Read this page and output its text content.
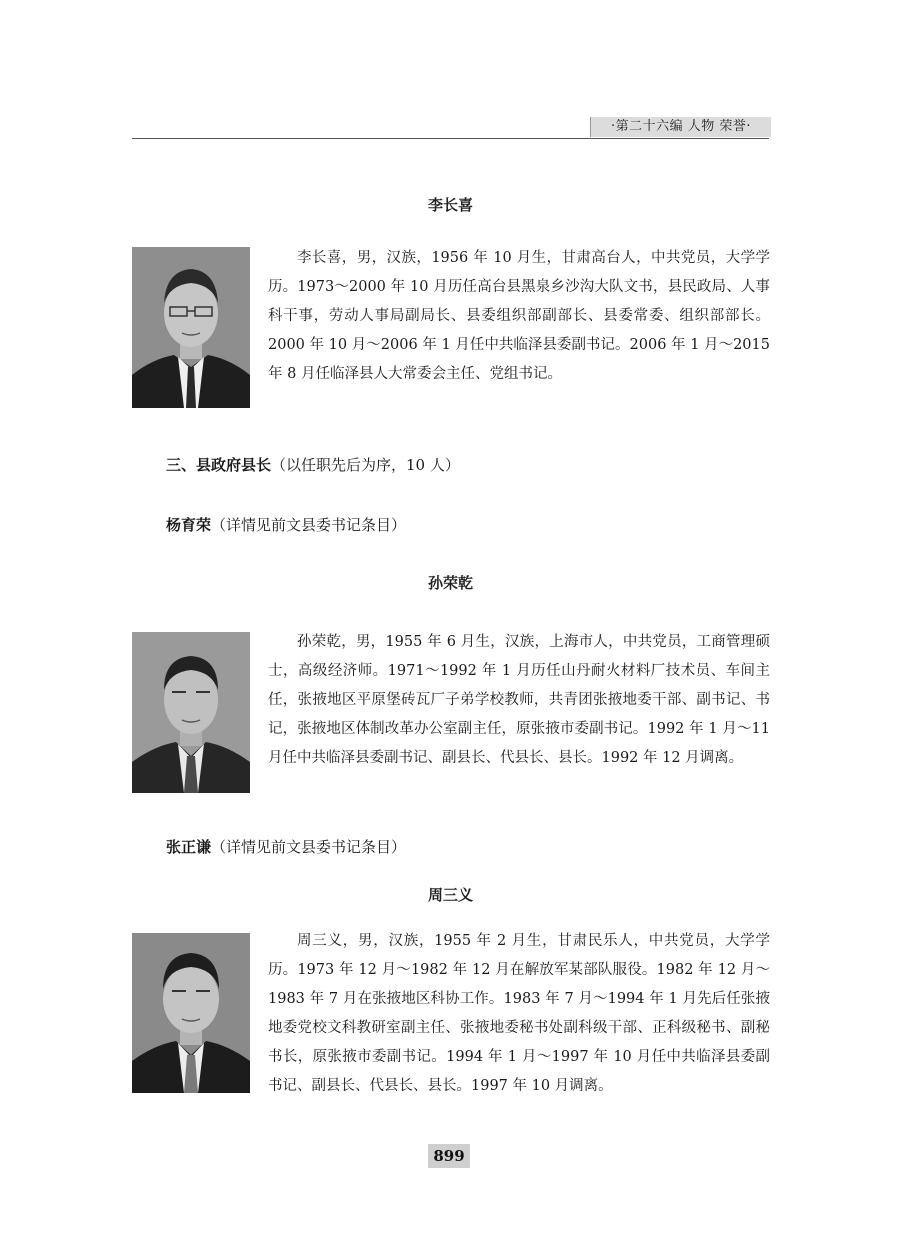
·第二十六编 人物 荣誉·
李长喜

李长喜，男，汉族，1956 年 10 月生，甘肃高台人，中共党员，大学学历。1973～2000 年 10 月历任高台县黑泉乡沙沟大队文书，县民政局、人事科干事，劳动人事局副局长、县委组织部副部长、县委常委、组织部部长。2000 年 10 月～2006 年 1 月任中共临泽县委副书记。2006 年 1 月～2015 年 8 月任临泽县人大常委会主任、党组书记。

三、县政府县长（以任职先后为序，10 人）
杨育荣（详情见前文县委书记条目）
孙荣乾

孙荣乾，男，1955 年 6 月生，汉族，上海市人，中共党员，工商管理硕士，高级经济师。1971～1992 年 1 月历任山丹耐火材料厂技术员、车间主任，张掖地区平原堡砖瓦厂子弟学校教师，共青团张掖地委干部、副书记、书记，张掖地区体制改革办公室副主任，原张掖市委副书记。1992 年 1 月～11 月任中共临泽县委副书记、副县长、代县长、县长。1992 年 12 月调离。

张正谦（详情见前文县委书记条目）
周三义

周三义，男，汉族，1955 年 2 月生，甘肃民乐人，中共党员，大学学历。1973 年 12 月～1982 年 12 月在解放军某部队服役。1982 年 12 月～1983 年 7 月在张掖地区科协工作。1983 年 7 月～1994 年 1 月先后任张掖地委党校文科教研室副主任、张掖地委秘书处副科级干部、正科级秘书、副秘书长，原张掖市委副书记。1994 年 1 月～1997 年 10 月任中共临泽县委副书记、副县长、代县长、县长。1997 年 10 月调离。

899
